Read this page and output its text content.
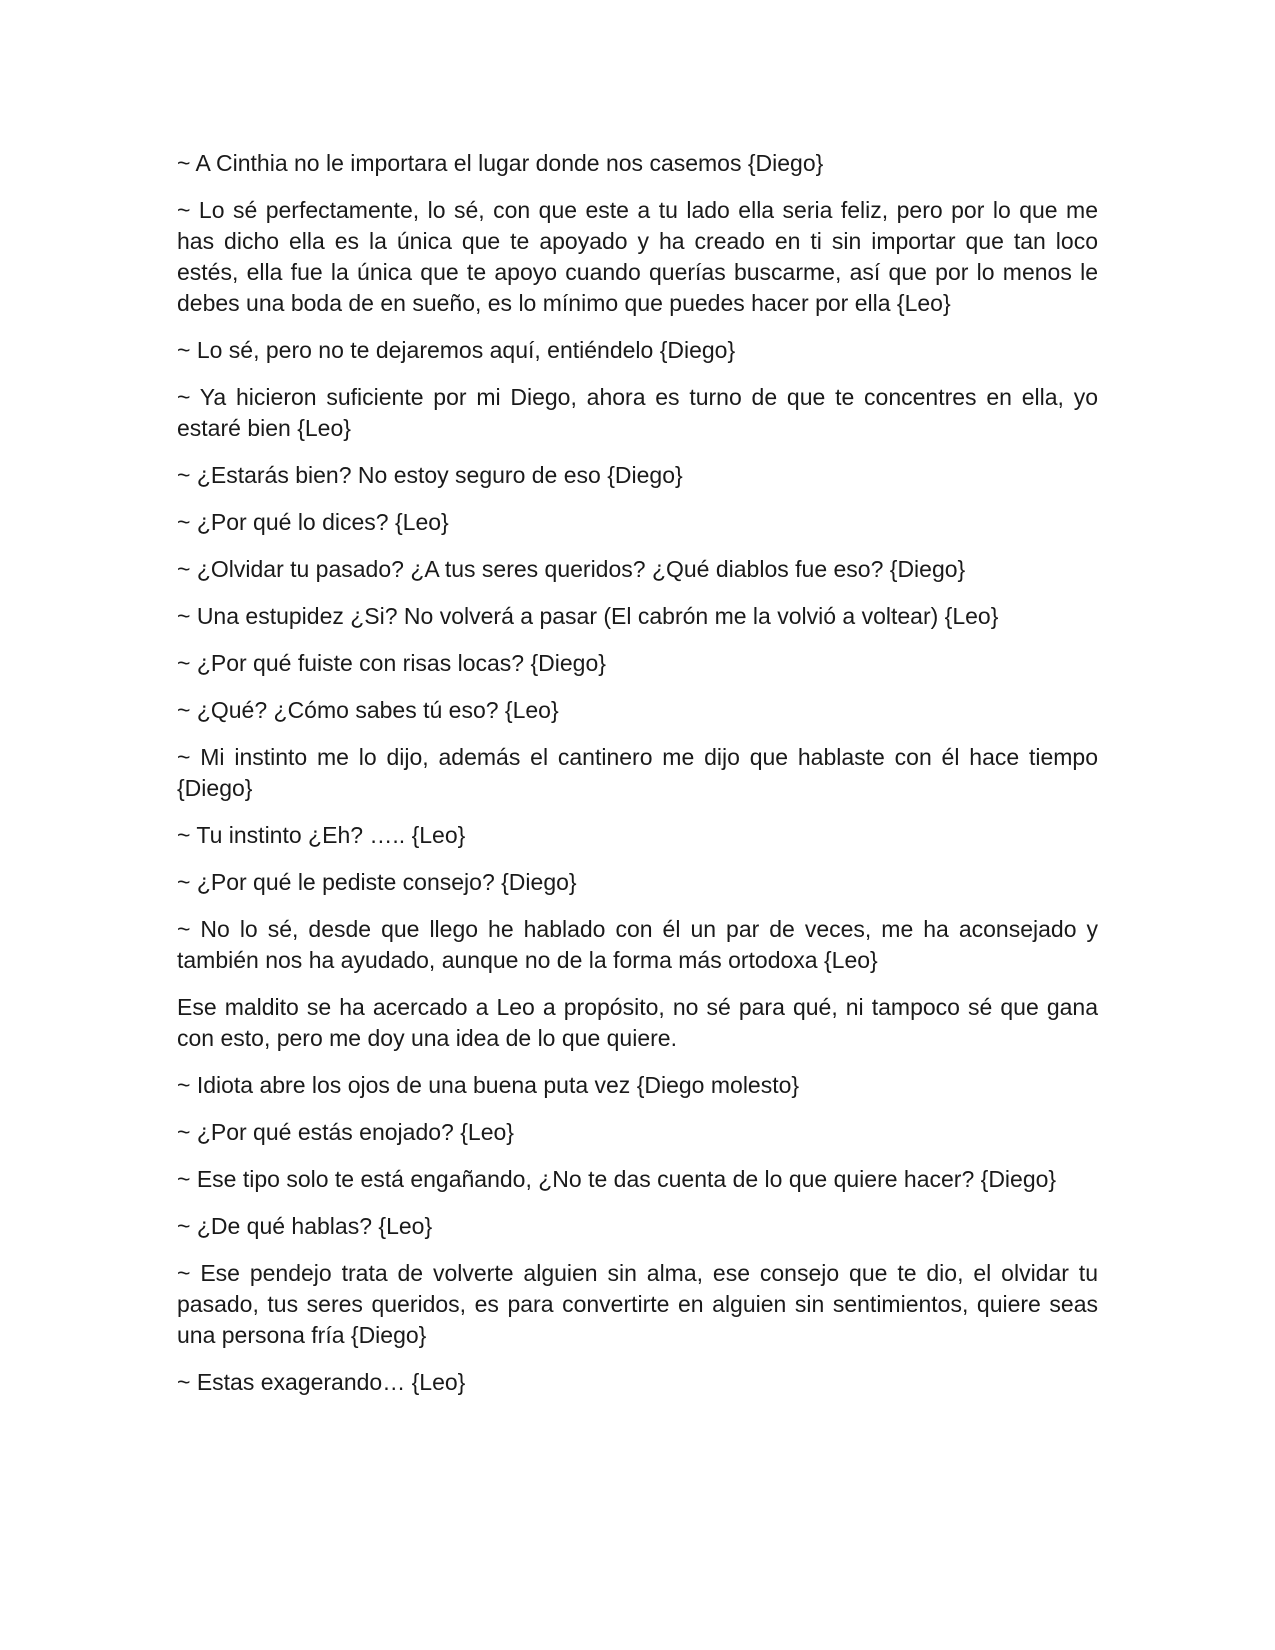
~ A Cinthia no le importara el lugar donde nos casemos {Diego}

~ Lo sé perfectamente, lo sé, con que este a tu lado ella seria feliz, pero por lo que me has dicho ella es la única que te apoyado y ha creado en ti sin importar que tan loco estés, ella fue la única que te apoyo cuando querías buscarme, así que por lo menos le debes una boda de en sueño, es lo mínimo que puedes hacer por ella {Leo}

~ Lo sé, pero no te dejaremos aquí, entiéndelo {Diego}

~ Ya hicieron suficiente por mi Diego, ahora es turno de que te concentres en ella, yo estaré bien {Leo}

~ ¿Estarás bien? No estoy seguro de eso {Diego}

~ ¿Por qué lo dices? {Leo}

~ ¿Olvidar tu pasado? ¿A tus seres queridos? ¿Qué diablos fue eso? {Diego}

~ Una estupidez ¿Si? No volverá a pasar (El cabrón me la volvió a voltear) {Leo}

~ ¿Por qué fuiste con risas locas? {Diego}

~ ¿Qué? ¿Cómo sabes tú eso? {Leo}

~ Mi instinto me lo dijo, además el cantinero me dijo que hablaste con él hace tiempo {Diego}

~ Tu instinto ¿Eh? ….. {Leo}

~ ¿Por qué le pediste consejo? {Diego}

~ No lo sé, desde que llego he hablado con él un par de veces, me ha aconsejado y también nos ha ayudado, aunque no de la forma más ortodoxa {Leo}

Ese maldito se ha acercado a Leo a propósito, no sé para qué, ni tampoco sé que gana con esto, pero me doy una idea de lo que quiere.

~ Idiota abre los ojos de una buena puta vez {Diego molesto}

~ ¿Por qué estás enojado? {Leo}

~ Ese tipo solo te está engañando, ¿No te das cuenta de lo que quiere hacer? {Diego}

~ ¿De qué hablas? {Leo}

~ Ese pendejo trata de volverte alguien sin alma, ese consejo que te dio, el olvidar tu pasado, tus seres queridos, es para convertirte en alguien sin sentimientos, quiere seas una persona fría {Diego}

~ Estas exagerando… {Leo}
